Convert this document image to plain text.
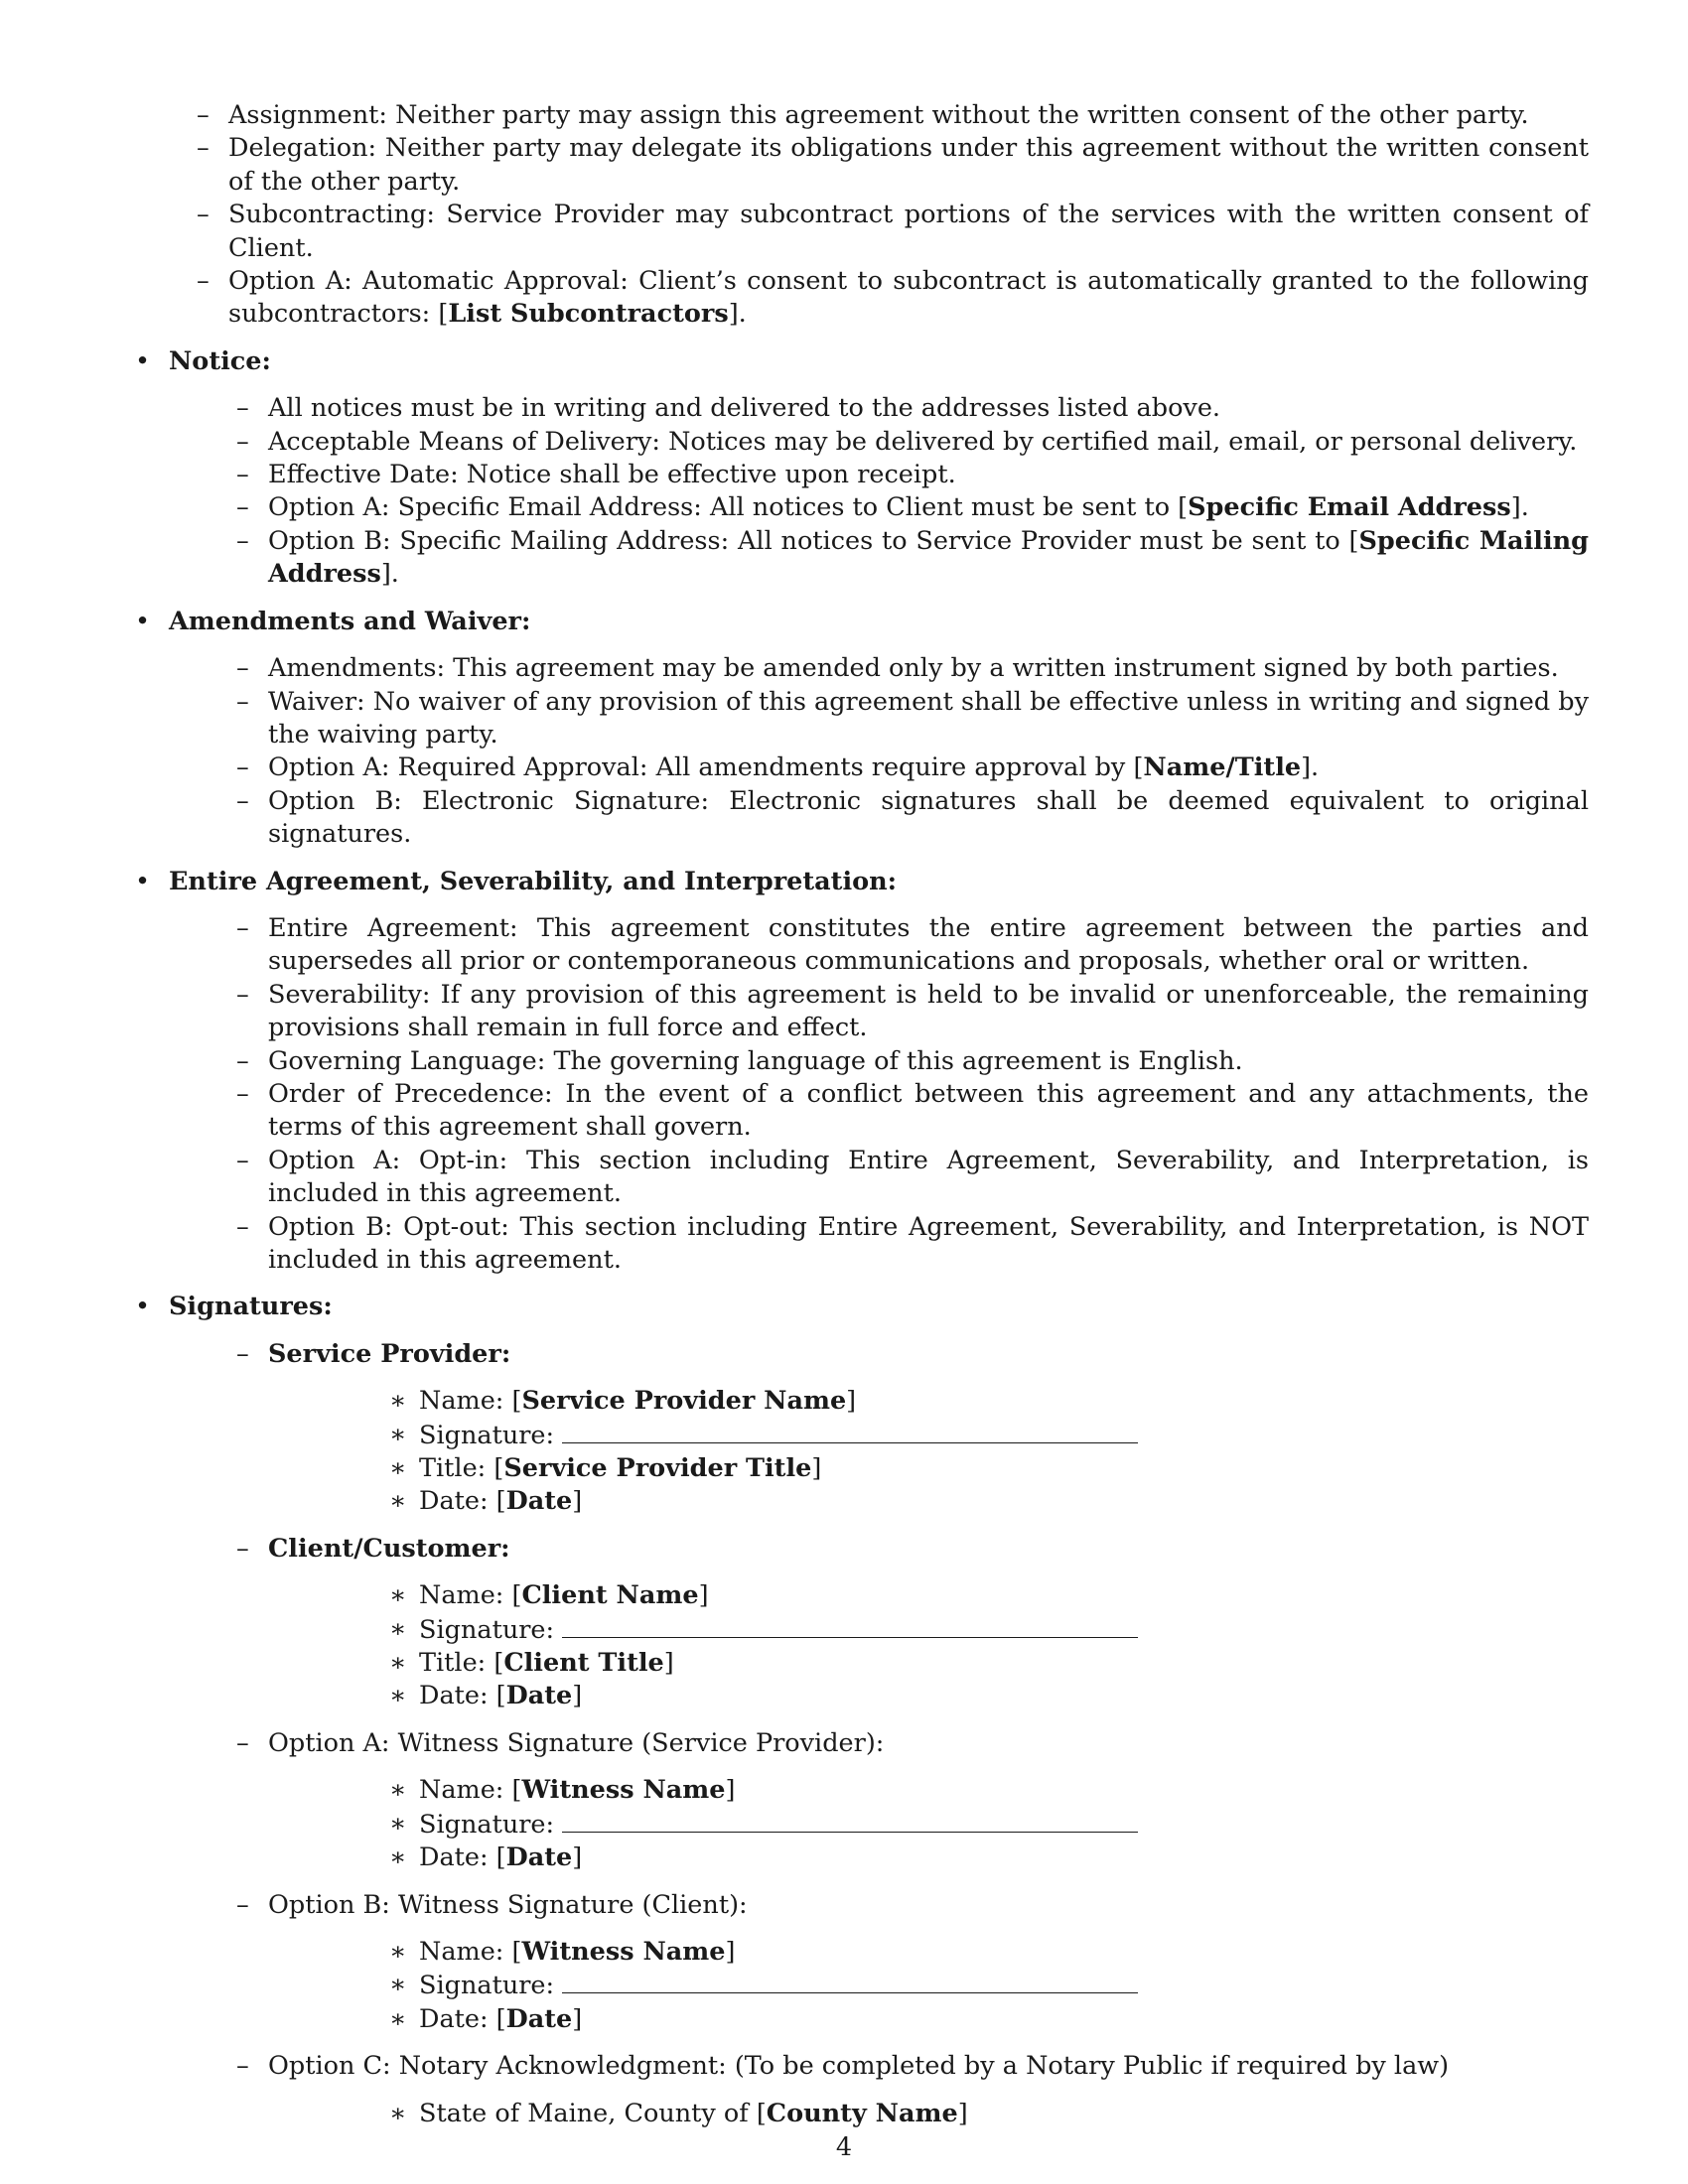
– Assignment: Neither party may assign this agreement without the written consent of the other party.
– Delegation: Neither party may delegate its obligations under this agreement without the written consent of the other party.
– Subcontracting: Service Provider may subcontract portions of the services with the written consent of Client.
– Option A: Automatic Approval: Client’s consent to subcontract is automatically granted to the following subcontractors: [List Subcontractors].
• Notice:
– All notices must be in writing and delivered to the addresses listed above.
– Acceptable Means of Delivery: Notices may be delivered by certified mail, email, or personal delivery.
– Effective Date: Notice shall be effective upon receipt.
– Option A: Specific Email Address: All notices to Client must be sent to [Specific Email Address].
– Option B: Specific Mailing Address: All notices to Service Provider must be sent to [Specific Mailing Address].
• Amendments and Waiver:
– Amendments: This agreement may be amended only by a written instrument signed by both parties.
– Waiver: No waiver of any provision of this agreement shall be effective unless in writing and signed by the waiving party.
– Option A: Required Approval: All amendments require approval by [Name/Title].
– Option B: Electronic Signature: Electronic signatures shall be deemed equivalent to original signatures.
• Entire Agreement, Severability, and Interpretation:
– Entire Agreement: This agreement constitutes the entire agreement between the parties and supersedes all prior or contemporaneous communications and proposals, whether oral or written.
– Severability: If any provision of this agreement is held to be invalid or unenforceable, the remaining provisions shall remain in full force and effect.
– Governing Language: The governing language of this agreement is English.
– Order of Precedence: In the event of a conflict between this agreement and any attachments, the terms of this agreement shall govern.
– Option A: Opt-in: This section including Entire Agreement, Severability, and Interpretation, is included in this agreement.
– Option B: Opt-out: This section including Entire Agreement, Severability, and Interpretation, is NOT included in this agreement.
• Signatures:
– Service Provider:
∗ Name: [Service Provider Name]
∗ Signature:
∗ Title: [Service Provider Title]
∗ Date: [Date]
– Client/Customer:
∗ Name: [Client Name]
∗ Signature:
∗ Title: [Client Title]
∗ Date: [Date]
– Option A: Witness Signature (Service Provider):
∗ Name: [Witness Name]
∗ Signature:
∗ Date: [Date]
– Option B: Witness Signature (Client):
∗ Name: [Witness Name]
∗ Signature:
∗ Date: [Date]
– Option C: Notary Acknowledgment: (To be completed by a Notary Public if required by law)
∗ State of Maine, County of [County Name]
4
